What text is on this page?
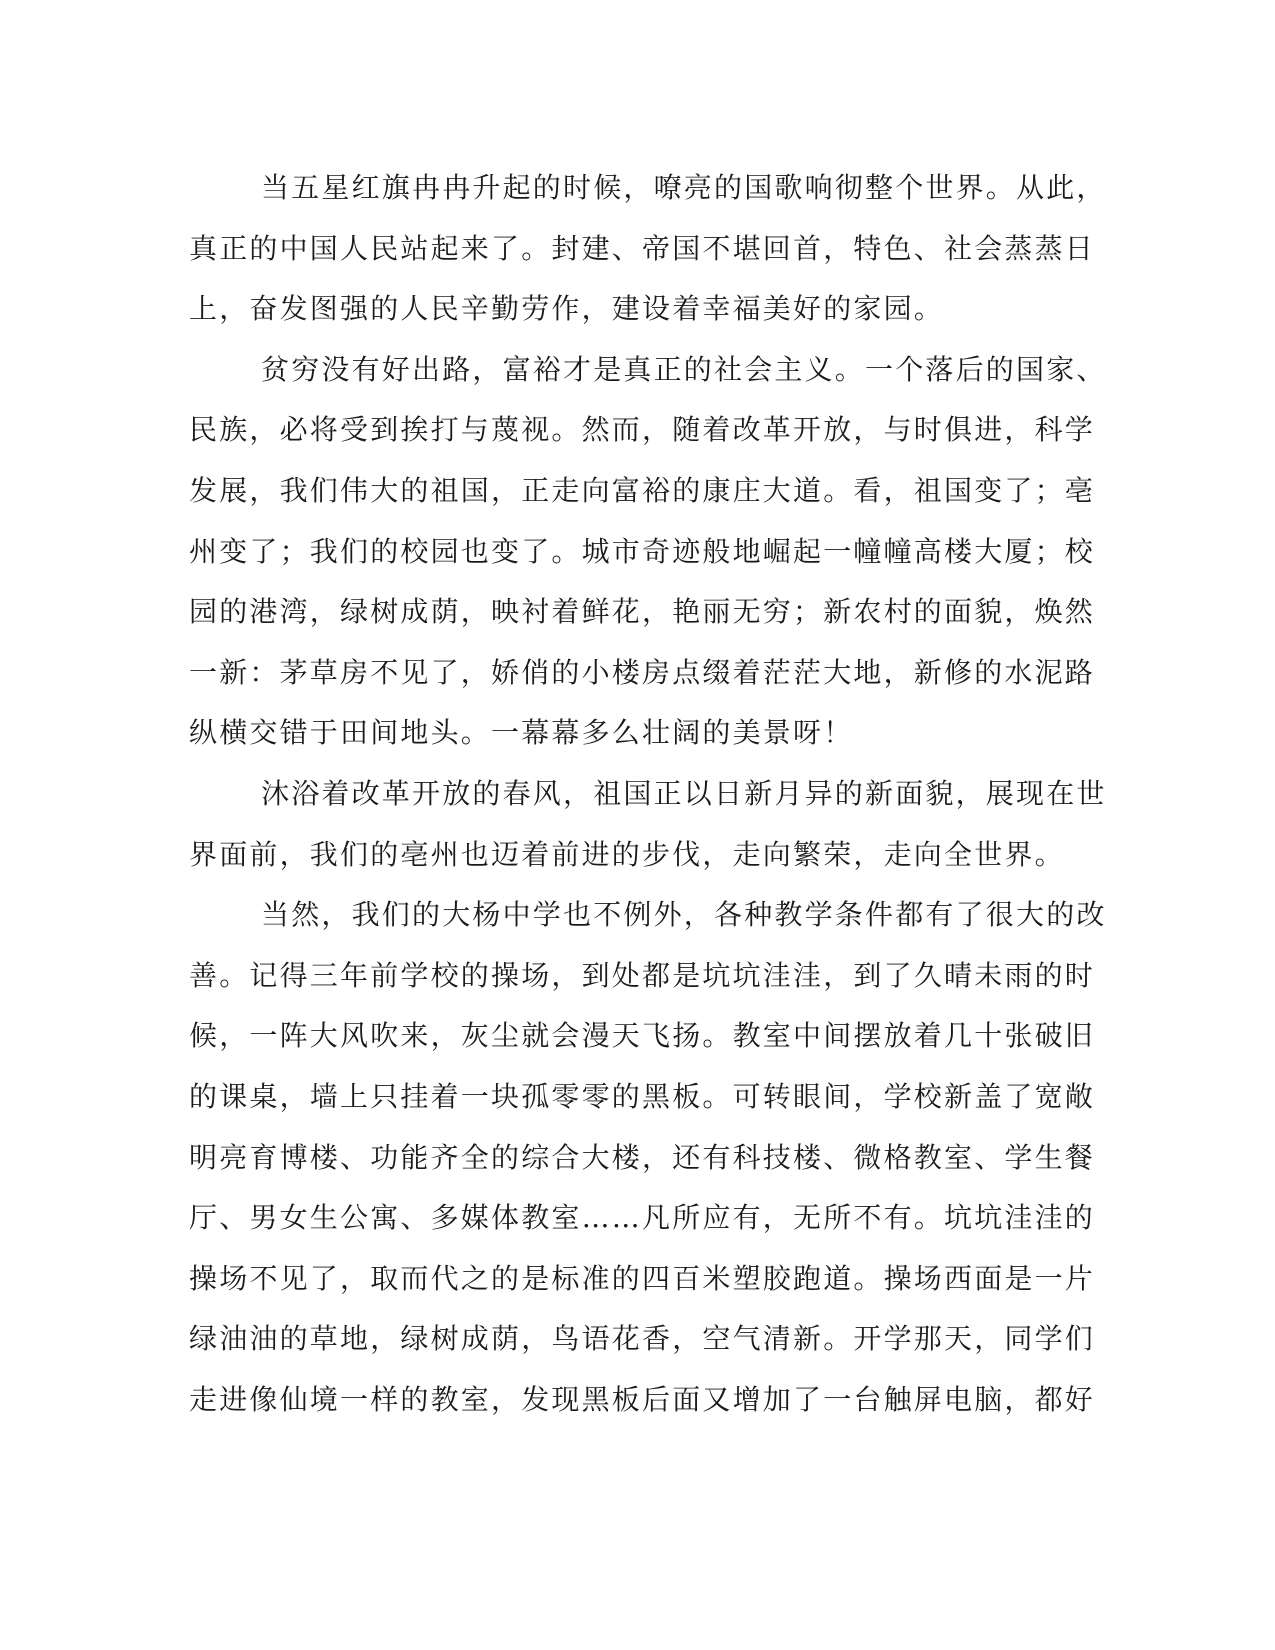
当五星红旗冉冉升起的时候，嘹亮的国歌响彻整个世界。从此，
真正的中国人民站起来了。封建、帝国不堪回首，特色、社会蒸蒸日
上，奋发图强的人民辛勤劳作，建设着幸福美好的家园。
贫穷没有好出路，富裕才是真正的社会主义。一个落后的国家、
民族，必将受到挨打与蔑视。然而，随着改革开放，与时俱进，科学
发展，我们伟大的祖国，正走向富裕的康庄大道。看，祖国变了；亳
州变了；我们的校园也变了。城市奇迹般地崛起一幢幢高楼大厦；校
园的港湾，绿树成荫，映衬着鲜花，艳丽无穷；新农村的面貌，焕然
一新：茅草房不见了，娇俏的小楼房点缀着茫茫大地，新修的水泥路
纵横交错于田间地头。一幕幕多么壮阔的美景呀！
沐浴着改革开放的春风，祖国正以日新月异的新面貌，展现在世
界面前，我们的亳州也迈着前进的步伐，走向繁荣，走向全世界。
当然，我们的大杨中学也不例外，各种教学条件都有了很大的改
善。记得三年前学校的操场，到处都是坑坑洼洼，到了久晴未雨的时
候，一阵大风吹来，灰尘就会漫天飞扬。教室中间摆放着几十张破旧
的课桌，墙上只挂着一块孤零零的黑板。可转眼间，学校新盖了宽敞
明亮育博楼、功能齐全的综合大楼，还有科技楼、微格教室、学生餐
厅、男女生公寓、多媒体教室……凡所应有，无所不有。坑坑洼洼的
操场不见了，取而代之的是标准的四百米塑胶跑道。操场西面是一片
绿油油的草地，绿树成荫，鸟语花香，空气清新。开学那天，同学们
走进像仙境一样的教室，发现黑板后面又增加了一台触屏电脑，都好
